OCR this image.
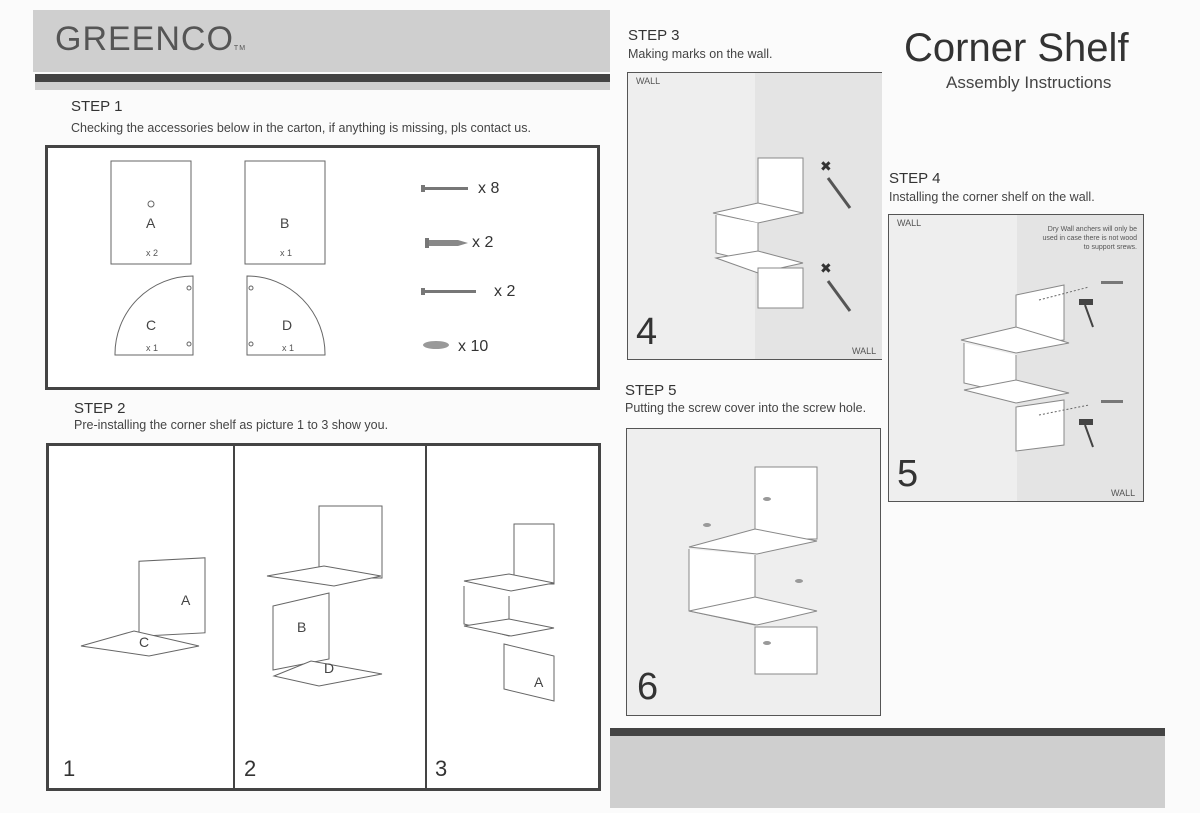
GREENCOTM	Corner Shelf
Assembly Instructions
STEP 1
Checking the accessories below in the carton, if anything is missing, pls contact us.
A
x 2
B
x 1
C
x 1
D
x 1
x 8
x 2
x 2
x 10
STEP 2
Pre-installing the corner shelf as picture 1 to 3 show you.
A
C
B
D
A
1	2	3
STEP 3
Making marks on the wall.
WALL
WALL
✖
✖
4
STEP 4
Installing the corner shelf on the wall.
WALL
Dry Wall anchers will only be
used in case there is not wood
to support srews.
WALL
5
STEP 5
Putting the screw cover into the screw hole.
6
